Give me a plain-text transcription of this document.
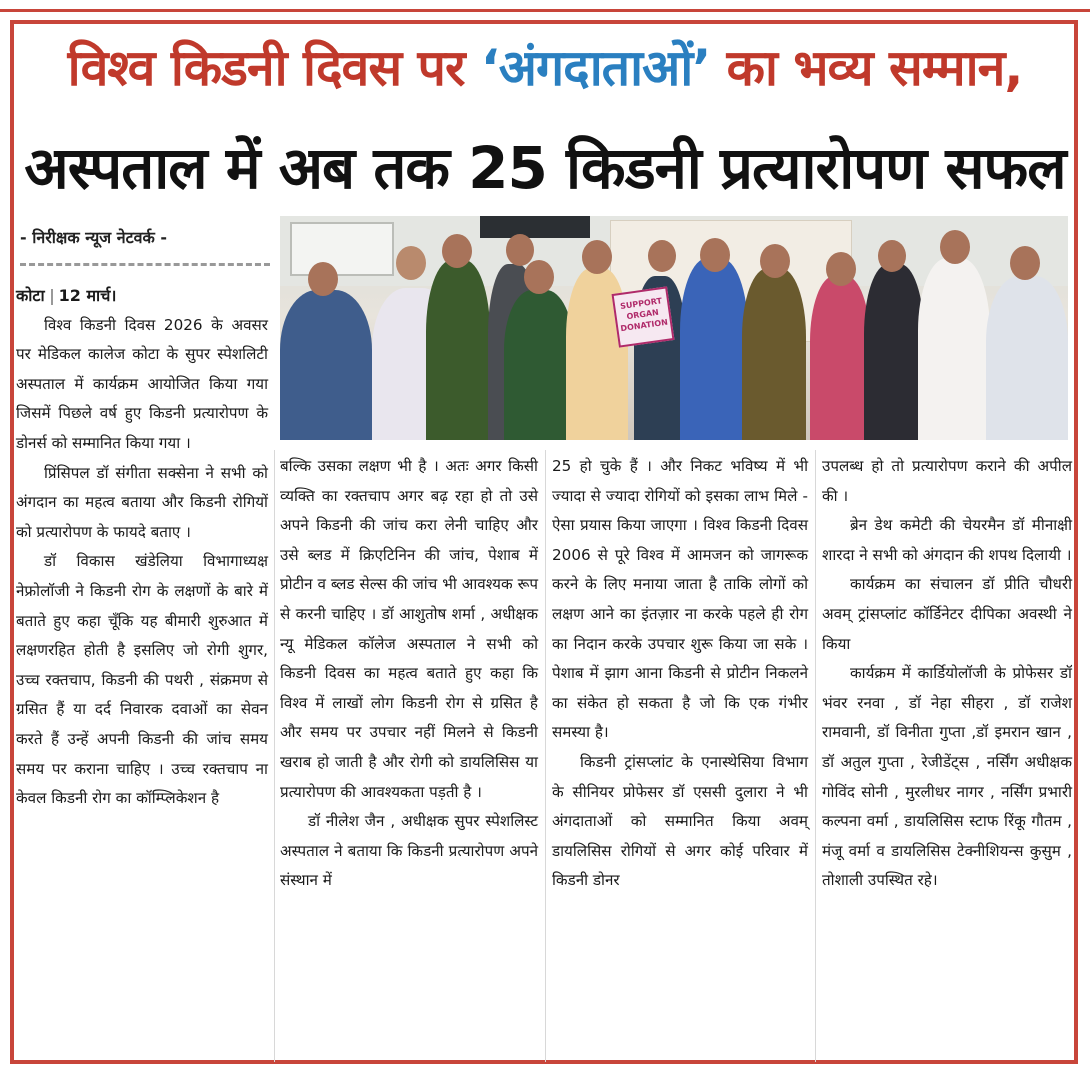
विश्व किडनी दिवस पर ‘अंगदाताओं’ का भव्य सम्मान,
अस्पताल में अब तक 25 किडनी प्रत्यारोपण सफल
- निरीक्षक न्यूज नेटवर्क -
SUPPORT ORGAN DONATION

कोटा 12 मार्च।

विश्व किडनी दिवस 2026 के अवसर पर मेडिकल कालेज कोटा के सुपर स्पेशलिटी अस्पताल में कार्यक्रम आयोजित किया गया जिसमें पिछले वर्ष हुए किडनी प्रत्यारोपण के डोनर्स को सम्मानित किया गया ।

प्रिंसिपल डॉ संगीता सक्सेना ने सभी को अंगदान का महत्व बताया और किडनी रोगियों को प्रत्यारोपण के फायदे बताए ।

डॉ विकास खंडेलिया विभागाध्यक्ष नेफ्रोलॉजी ने किडनी रोग के लक्षणों के बारे में बताते हुए कहा चूँकि यह बीमारी शुरुआत में लक्षणरहित होती है इसलिए जो रोगी शुगर, उच्च रक्तचाप, किडनी की पथरी , संक्रमण से ग्रसित हैं या दर्द निवारक दवाओं का सेवन करते हैं उन्हें अपनी किडनी की जांच समय समय पर कराना चाहिए । उच्च रक्तचाप ना केवल किडनी रोग का कॉम्प्लिकेशन है

बल्कि उसका लक्षण भी है । अतः अगर किसी व्यक्ति का रक्तचाप अगर बढ़ रहा हो तो उसे अपने किडनी की जांच करा लेनी चाहिए और उसे ब्लड में क्रिएटिनिन की जांच, पेशाब में प्रोटीन व ब्लड सेल्स की जांच भी आवश्यक रूप से करनी चाहिए । डॉ आशुतोष शर्मा , अधीक्षक न्यू मेडिकल कॉलेज अस्पताल ने सभी को किडनी दिवस का महत्व बताते हुए कहा कि विश्व में लाखों लोग किडनी रोग से ग्रसित है और समय पर उपचार नहीं मिलने से किडनी खराब हो जाती है और रोगी को डायलिसिस या प्रत्यारोपण की आवश्यकता पड़ती है ।

डॉ नीलेश जैन , अधीक्षक सुपर स्पेशलिस्ट अस्पताल ने बताया कि किडनी प्रत्यारोपण अपने संस्थान में

25 हो चुके हैं । और निकट भविष्य में भी ज्यादा से ज्यादा रोगियों को इसका लाभ मिले - ऐसा प्रयास किया जाएगा । विश्व किडनी दिवस 2006 से पूरे विश्व में आमजन को जागरूक करने के लिए मनाया जाता है ताकि लोगों को लक्षण आने का इंतज़ार ना करके पहले ही रोग का निदान करके उपचार शुरू किया जा सके । पेशाब में झाग आना किडनी से प्रोटीन निकलने का संकेत हो सकता है जो कि एक गंभीर समस्या है।

किडनी ट्रांसप्लांट के एनास्थेसिया विभाग के सीनियर प्रोफेसर डॉ एससी दुलारा ने भी अंगदाताओं को सम्मानित किया अवम् डायलिसिस रोगियों से अगर कोई परिवार में किडनी डोनर

उपलब्ध हो तो प्रत्यारोपण कराने की अपील की ।

ब्रेन डेथ कमेटी की चेयरमैन डॉ मीनाक्षी शारदा ने सभी को अंगदान की शपथ दिलायी ।

कार्यक्रम का संचालन डॉ प्रीति चौधरी अवम् ट्रांसप्लांट कॉर्डिनेटर दीपिका अवस्थी ने किया

कार्यक्रम में कार्डियोलॉजी के प्रोफेसर डॉ भंवर रनवा , डॉ नेहा सीहरा , डॉ राजेश रामवानी, डॉ विनीता गुप्ता ,डॉ इमरान खान , डॉ अतुल गुप्ता , रेजीडेंट्स , नर्सिंग अधीक्षक गोविंद सोनी , मुरलीधर नागर , नर्सिंग प्रभारी कल्पना वर्मा , डायलिसिस स्टाफ रिंकू गौतम , मंजू वर्मा व डायलिसिस टेक्नीशियन्स कुसुम , तोशाली उपस्थित रहे।
